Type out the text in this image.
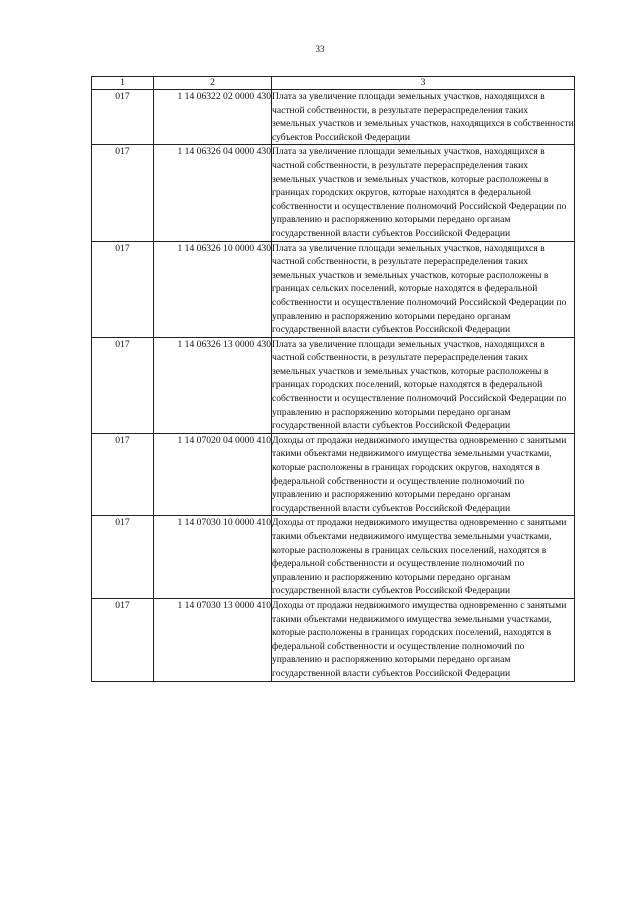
33
1	2	3
017	1 14 06322 02 0000 430	Плата за увеличение площади земельных участков, находящихся в частной собственности, в результате перераспределения таких земельных участков и земельных участков, находящихся в собственности субъектов Российской Федерации
017	1 14 06326 04 0000 430	Плата за увеличение площади земельных участков, находящихся в частной собственности, в результате перераспределения таких земельных участков и земельных участков, которые расположены в границах городских округов, которые находятся в федеральной собственности и осуществление полномочий Российской Федерации по управлению и распоряжению которыми передано органам государственной власти субъектов Российской Федерации
017	1 14 06326 10 0000 430	Плата за увеличение площади земельных участков, находящихся в частной собственности, в результате перераспределения таких земельных участков и земельных участков, которые расположены в границах сельских поселений, которые находятся в федеральной собственности и осуществление полномочий Российской Федерации по управлению и распоряжению которыми передано органам государственной власти субъектов Российской Федерации
017	1 14 06326 13 0000 430	Плата за увеличение площади земельных участков, находящихся в частной собственности, в результате перераспределения таких земельных участков и земельных участков, которые расположены в границах городских поселений, которые находятся в федеральной собственности и осуществление полномочий Российской Федерации по управлению и распоряжению которыми передано органам государственной власти субъектов Российской Федерации
017	1 14 07020 04 0000 410	Доходы от продажи недвижимого имущества одновременно с занятыми такими объектами недвижимого имущества земельными участками, которые расположены в границах городских округов, находятся в федеральной собственности и осуществление полномочий по управлению и распоряжению которыми передано органам государственной власти субъектов Российской Федерации
017	1 14 07030 10 0000 410	Доходы от продажи недвижимого имущества одновременно с занятыми такими объектами недвижимого имущества земельными участками, которые расположены в границах сельских поселений, находятся в федеральной собственности и осуществление полномочий по управлению и распоряжению которыми передано органам государственной власти субъектов Российской Федерации
017	1 14 07030 13 0000 410	Доходы от продажи недвижимого имущества одновременно с занятыми такими объектами недвижимого имущества земельными участками, которые расположены в границах городских поселений, находятся в федеральной собственности и осуществление полномочий по управлению и распоряжению которыми передано органам государственной власти субъектов Российской Федерации
